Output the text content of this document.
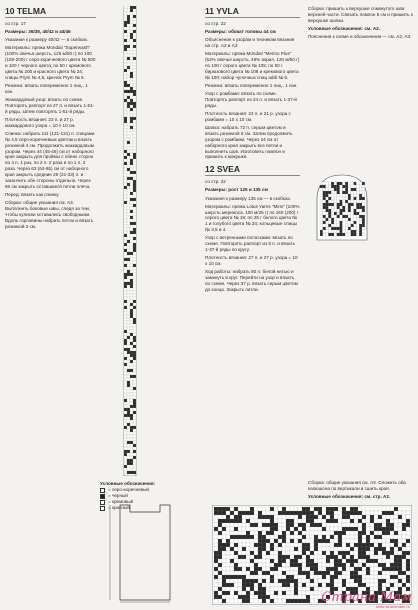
10 TELMA
со стр. 17
Размеры: 36/38, 40/42 и 44/46
Указания к размеру 40/42 — в скобках.
Материалы: пряжа Mondial "Superwash" (100% овечья шерсть, 125 м/50 г) по 100 (150-200) г серо-коричневого цвета № 500 и 100 г черного цвета; по 50 г кремового цвета № 200 и красного цвета № 24; спицы Prym № 4,5, крючок Prym № 5.
Резинка: вязать попеременно 1 лиц., 1 изн.
Жаккардовый узор: вязать по схеме. Повторять раппорт из 27 п. и вязать 1-51-й ряды, затем повторять 1-51-й ряды.
Плотность вязания: 23 п. и 27 р. жаккардового узора = 10 x 10 см.
Спинка: набрать 111 (121-131) п. спицами № 4,5 серо-коричневым цветом и вязать резинкой 4 см. Продолжить жаккардовым узором. Через 44 (45-46) см от наборного края закрыть для проймы с обеих сторон по 4 п. 1 раз, по 2 п. 2 раза и по 1 п. 3 раза. Через 63 (64-65) см от наборного края закрыть средние 29 (31-33) п. и закончить обе стороны отдельно. Через 66 см закрыть оставшиеся петли плеча.
Перед: вязать как спинку.
Сборка: общие указания см. А3. Выполнить боковые швы, следя за тем, чтобы кулиски оставались свободными. Вдоль горловины набрать петли и вязать резинкой 3 см.
Условные обозначения:
= серо-коричневый
= черный
= кремовый
= красный
11 YVLA
со стр. 22
Размеры: обхват головы 44 см
Объяснения к узорам и техникам вязания на стр. А2 и А3.
Материалы: пряжа Mondial "Merino Plus" (52% овечья шерсть, 48% акрил, 120 м/50 г) по 100 г серого цвета № 105; по 50 г бирюзового цвета № 106 и кремового цвета № 100; набор чулочных спиц addi № 6.
Резинка: вязать попеременно 1 лиц., 1 изн.
Узор с ромбами: вязать по схеме. Повторять раппорт из 24 п. и вязать 1-37-й ряды.
Плотность вязания: 22 п. и 21 р. узора с ромбами = 10 x 10 см.
Шапка: набрать 72 п. серым цветом и вязать резинкой 6 см. Затем продолжить узором с ромбами. Через 24 см от наборного края закрыть все петли и выполнить шов. Изготовить помпон и пришить к макушке.
12 SVEA
со стр. 22
Размеры: рост 125 и 135 см
Указания к размеру 135 см — в скобках.
Материалы: пряжа Lotus Yarns "Mimi" (100% шерсть мериноса, 100 м/25 г) по 150 (200) г серого цвета № 19; по 25 г белого цвета № 1 и голубого цвета № 34; кольцевые спицы № 3,5 и 4.
Узор с ветренными полосками: вязать по схеме. Повторять раппорт из 8 п. и вязать 1-37-й ряды по кругу.
Плотность вязания: 27 п. и 27 р. узора = 10 x 10 см.
Ход работы: набрать 80 п. белой нитью и замкнуть в круг. Перейти на узор и вязать по схеме. Через 37 р. вязать серым цветом до конца. Закрыть петли.
Сборка: пришить к верхушке сомкнутого шва верхней части. Связать помпон 5 см и пришить к верхушке шапки.
Условные обозначения: см. А2.
Пояснения к схеме и обозначения — см. А2, А3.
Сборка: общие указания см. А3. Сложить оба капюшона по вертикали и сшить края.
Условные обозначения: см. стр. А2.
Страна Мам
www.stranamam.ru
